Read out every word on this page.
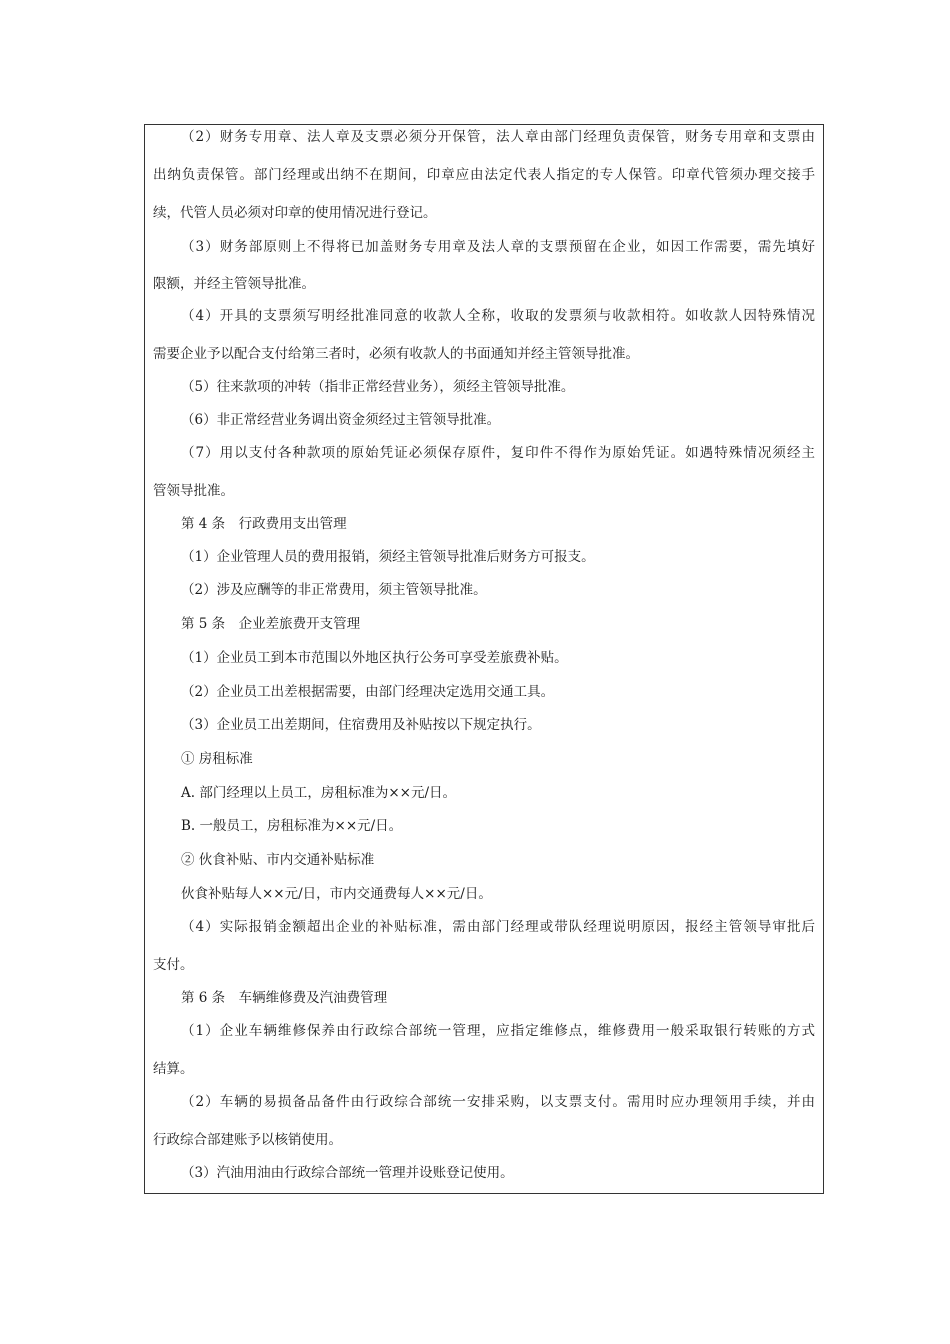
（2）财务专用章、法人章及支票必须分开保管，法人章由部门经理负责保管，财务专用章和支票由
出纳负责保管。部门经理或出纳不在期间，印章应由法定代表人指定的专人保管。印章代管须办理交接手
续，代管人员必须对印章的使用情况进行登记。
（3）财务部原则上不得将已加盖财务专用章及法人章的支票预留在企业，如因工作需要，需先填好
限额，并经主管领导批准。
（4）开具的支票须写明经批准同意的收款人全称，收取的发票须与收款相符。如收款人因特殊情况
需要企业予以配合支付给第三者时，必须有收款人的书面通知并经主管领导批准。
（5）往来款项的冲转（指非正常经营业务），须经主管领导批准。
（6）非正常经营业务调出资金须经过主管领导批准。
（7）用以支付各种款项的原始凭证必须保存原件，复印件不得作为原始凭证。如遇特殊情况须经主
管领导批准。
第 4 条　行政费用支出管理
（1）企业管理人员的费用报销，须经主管领导批准后财务方可报支。
（2）涉及应酬等的非正常费用，须主管领导批准。
第 5 条　企业差旅费开支管理
（1）企业员工到本市范围以外地区执行公务可享受差旅费补贴。
（2）企业员工出差根据需要，由部门经理决定选用交通工具。
（3）企业员工出差期间，住宿费用及补贴按以下规定执行。
① 房租标准
A. 部门经理以上员工，房租标准为××元/日。
B. 一般员工，房租标准为××元/日。
② 伙食补贴、市内交通补贴标准
伙食补贴每人××元/日，市内交通费每人××元/日。
（4）实际报销金额超出企业的补贴标准，需由部门经理或带队经理说明原因，报经主管领导审批后
支付。
第 6 条　车辆维修费及汽油费管理
（1）企业车辆维修保养由行政综合部统一管理，应指定维修点，维修费用一般采取银行转账的方式
结算。
（2）车辆的易损备品备件由行政综合部统一安排采购，以支票支付。需用时应办理领用手续，并由
行政综合部建账予以核销使用。
（3）汽油用油由行政综合部统一管理并设账登记使用。
